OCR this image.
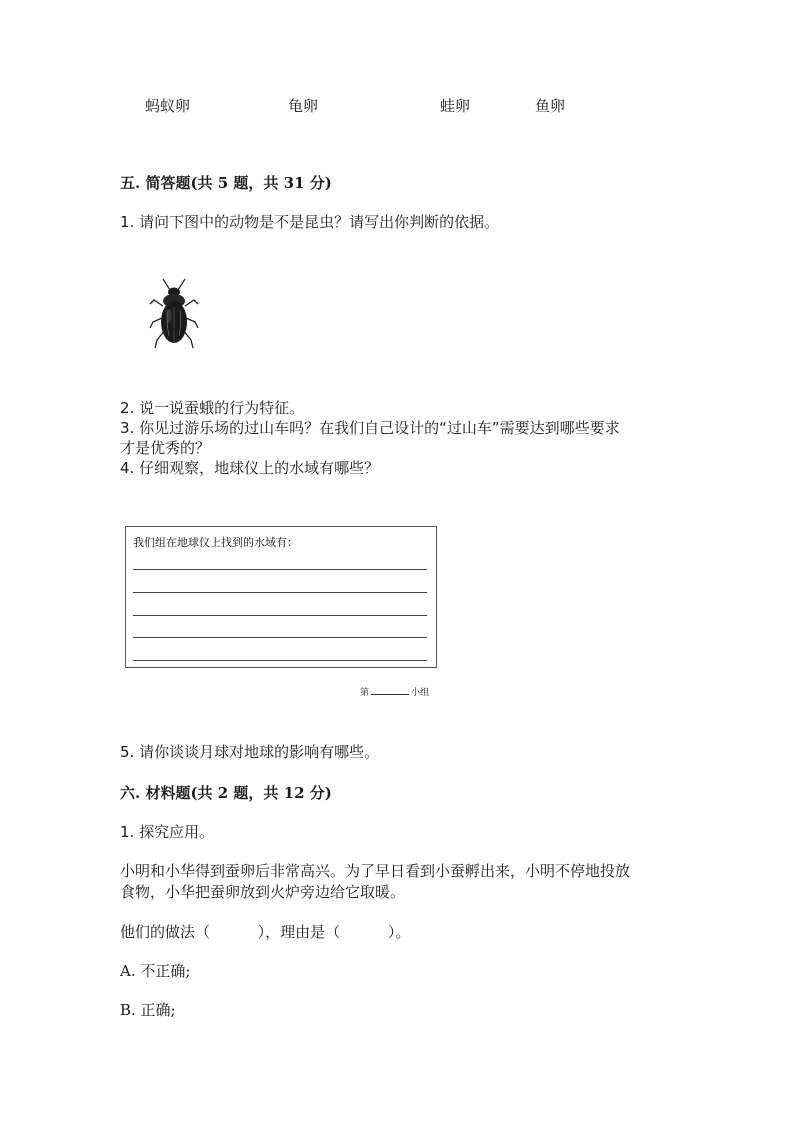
蚂蚁卵	龟卵	蛙卵	鱼卵
五. 简答题(共 5 题，共 31 分)
1. 请问下图中的动物是不是昆虫？请写出你判断的依据。
2. 说一说蚕蛾的行为特征。
3. 你见过游乐场的过山车吗？在我们自己设计的“过山车”需要达到哪些要求
才是优秀的？
4. 仔细观察，地球仪上的水域有哪些？
我们组在地球仪上找到的水域有：
第	小组
5. 请你谈谈月球对地球的影响有哪些。
六. 材料题(共 2 题，共 12 分)
1. 探究应用。
小明和小华得到蚕卵后非常高兴。为了早日看到小蚕孵出来，小明不停地投放
食物，小华把蚕卵放到火炉旁边给它取暖。
他们的做法（          ），理由是（          ）。
A. 不正确;
B. 正确;
